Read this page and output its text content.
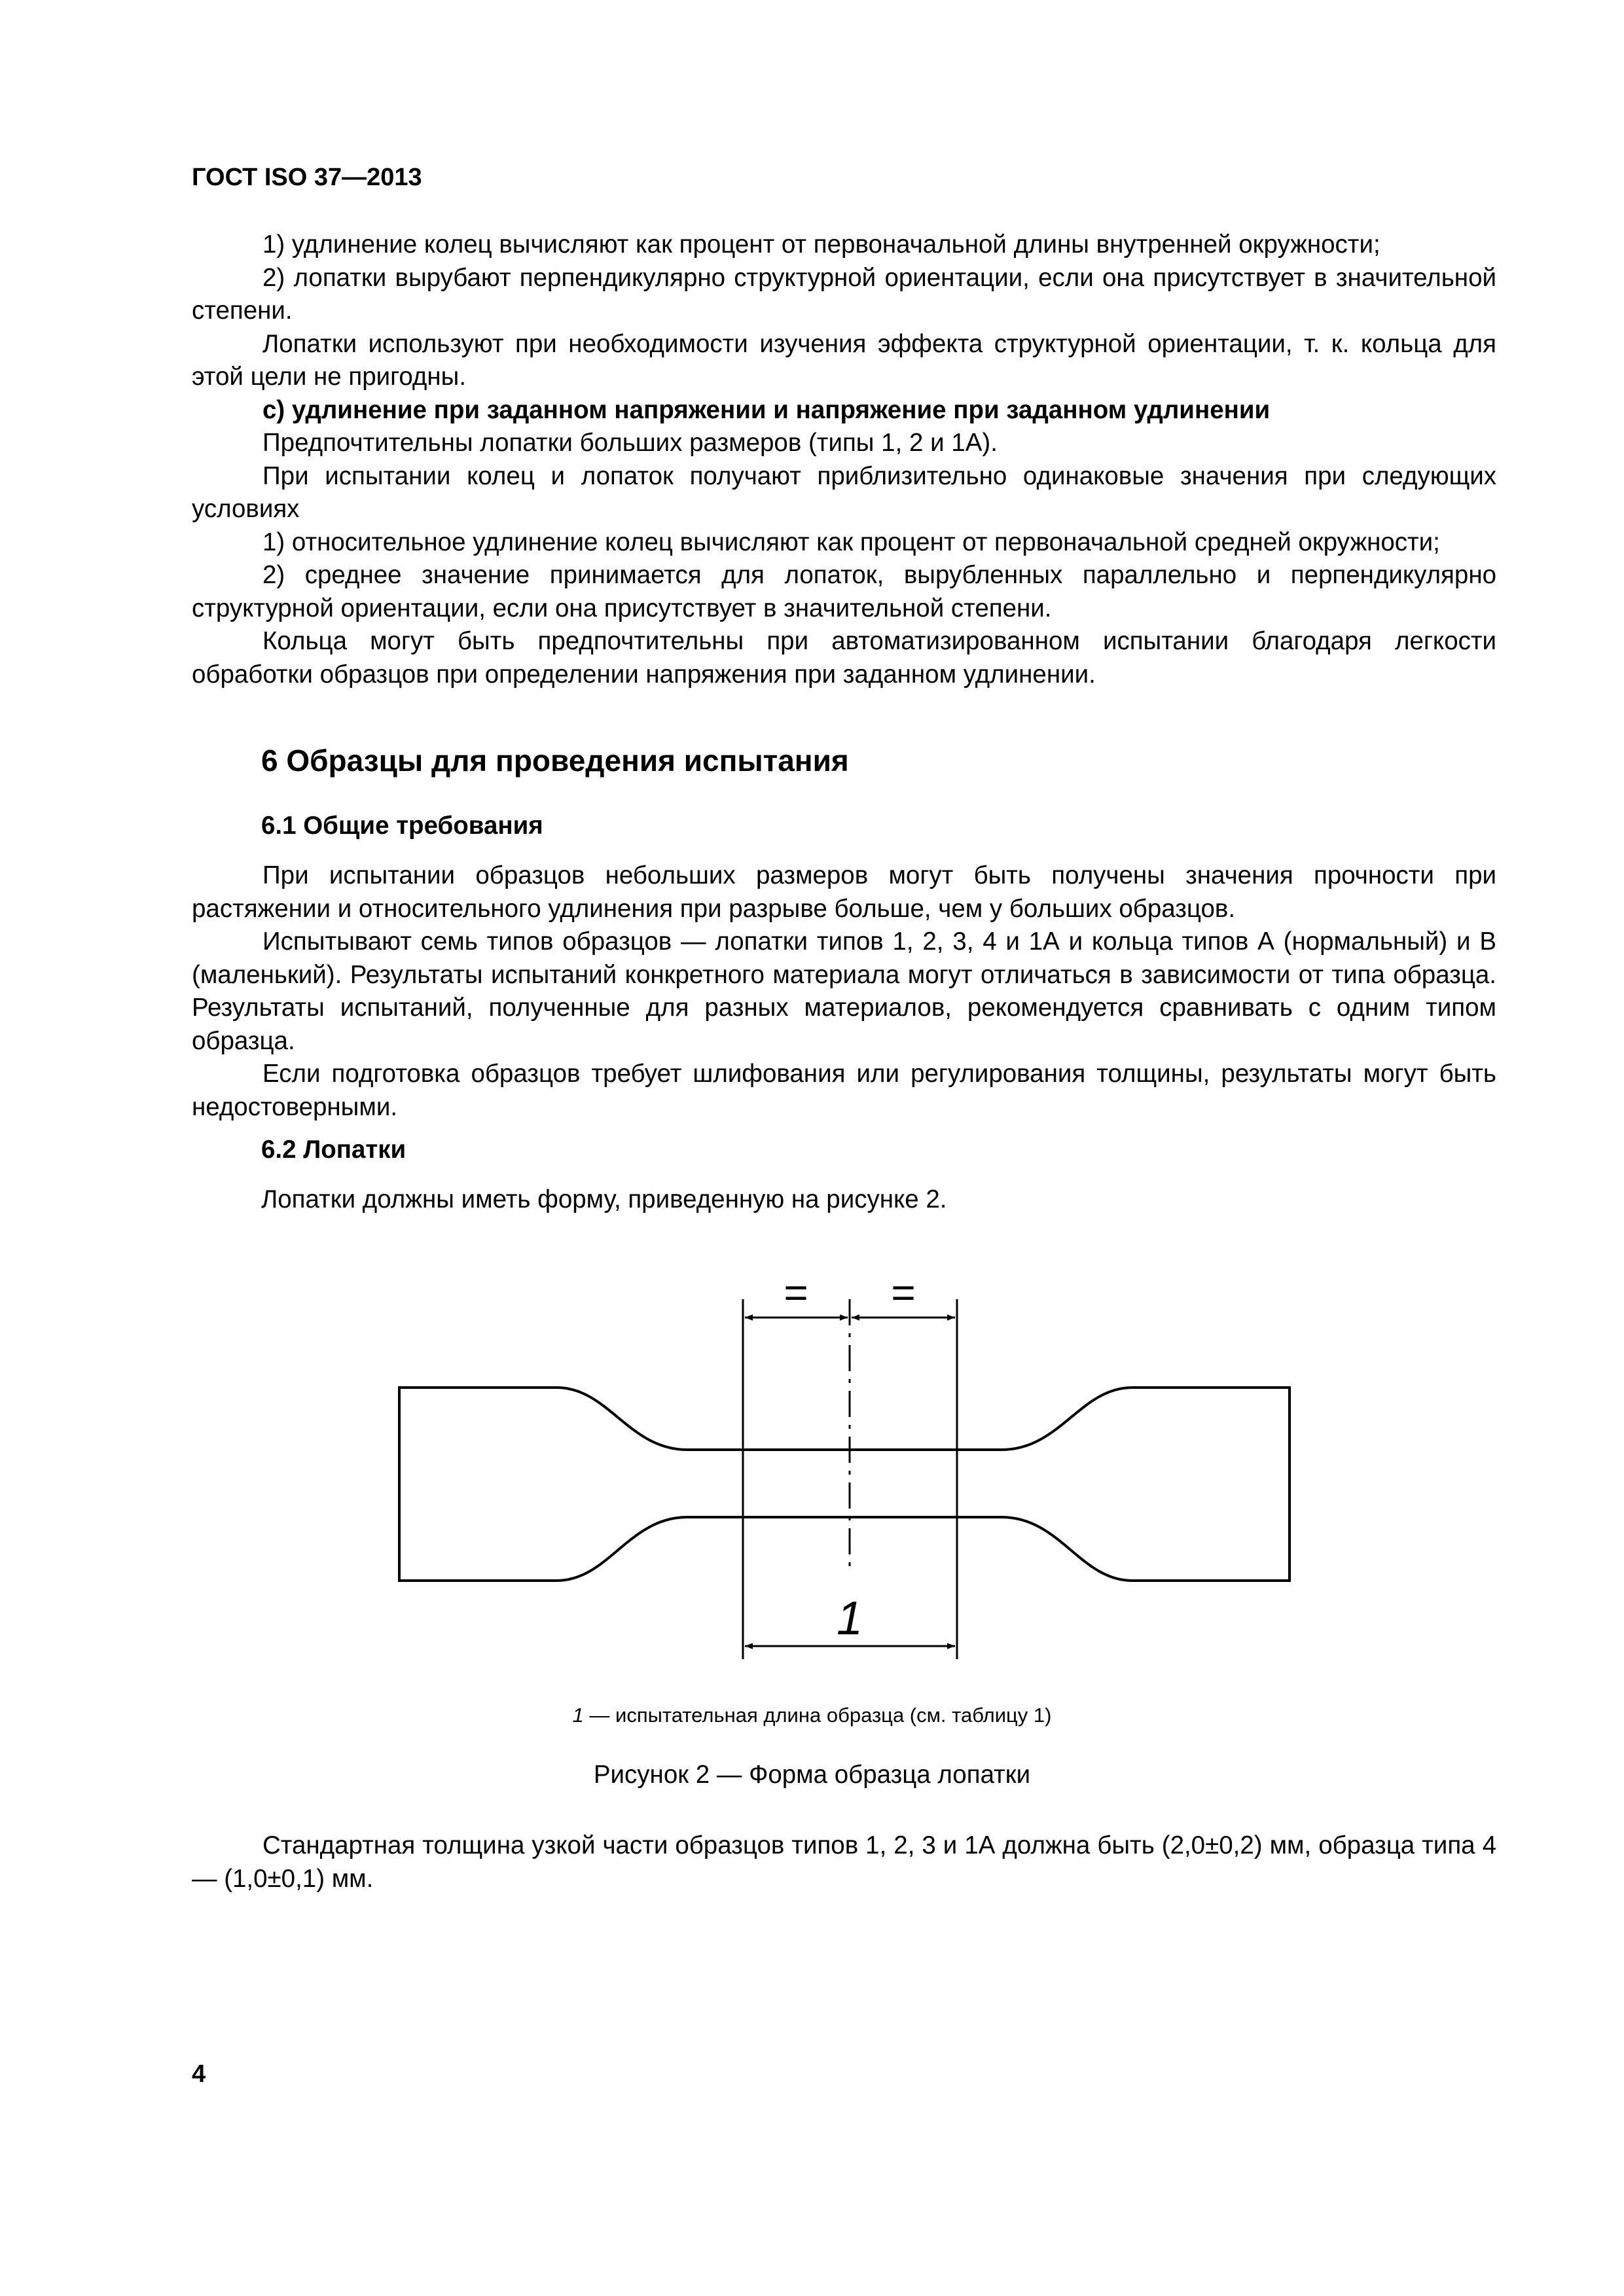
ГОСТ ISO 37—2013

1) удлинение колец вычисляют как процент от первоначальной длины внутренней окружности;

2) лопатки вырубают перпендикулярно структурной ориентации, если она присутствует в значительной степени.

Лопатки используют при необходимости изучения эффекта структурной ориентации, т. к. кольца для этой цели не пригодны.

с) удлинение при заданном напряжении и напряжение при заданном удлинении

Предпочтительны лопатки больших размеров (типы 1, 2 и 1А).

При испытании колец и лопаток получают приблизительно одинаковые значения при следующих условиях

1) относительное удлинение колец вычисляют как процент от первоначальной средней окружности;

2) среднее значение принимается для лопаток, вырубленных параллельно и перпендикулярно структурной ориентации, если она присутствует в значительной степени.

Кольца могут быть предпочтительны при автоматизированном испытании благодаря легкости обработки образцов при определении напряжения при заданном удлинении.

6 Образцы для проведения испытания
6.1 Общие требования

При испытании образцов небольших размеров могут быть получены значения прочности при растяжении и относительного удлинения при разрыве больше, чем у больших образцов.

Испытывают семь типов образцов — лопатки типов 1, 2, 3, 4 и 1А и кольца типов А (нормальный) и В (маленький). Результаты испытаний конкретного материала могут отличаться в зависимости от типа образца. Результаты испытаний, полученные для разных материалов, рекомендуется сравнивать с одним типом образца.

Если подготовка образцов требует шлифования или регулирования толщины, результаты могут быть недостоверными.

6.2 Лопатки
Лопатки должны иметь форму, приведенную на рисунке 2.
= =
1
1 — испытательная длина образца (см. таблицу 1)
Рисунок 2 — Форма образца лопатки

Стандартная толщина узкой части образцов типов 1, 2, 3 и 1А должна быть (2,0±0,2) мм, образца типа 4 — (1,0±0,1) мм.

4
